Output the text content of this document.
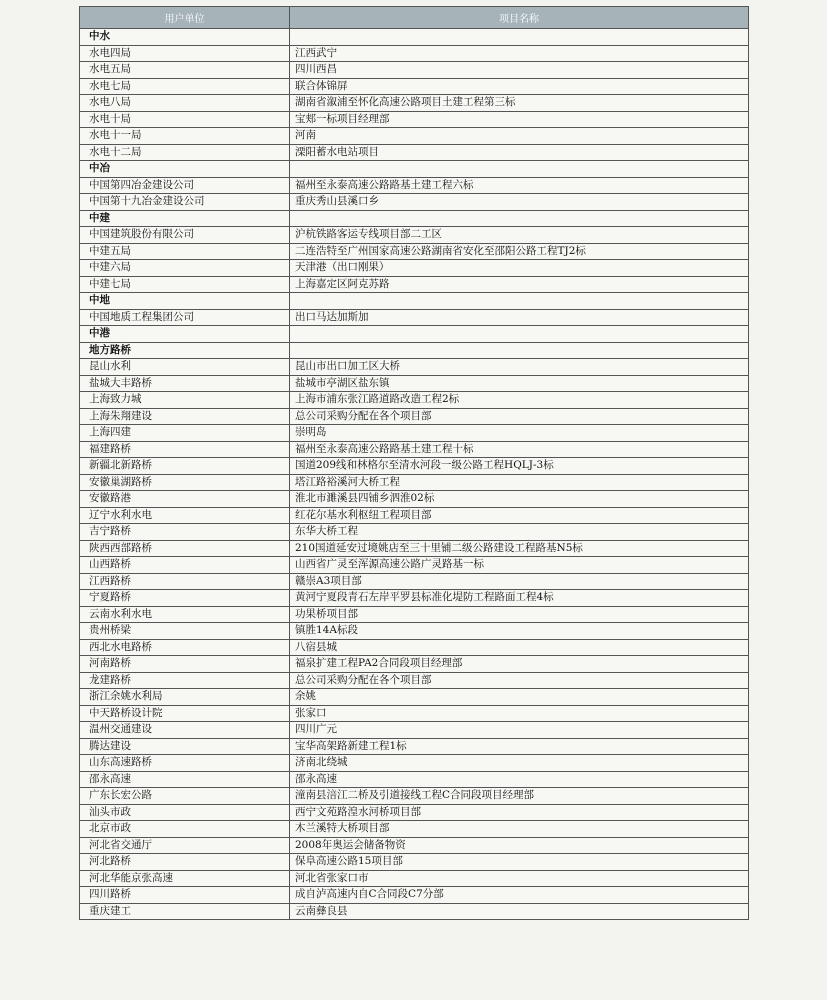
用户单位	项目名称
中水	
水电四局	江西武宁
水电五局	四川西昌
水电七局	联合体锦屏
水电八局	湖南省溆浦至怀化高速公路项目土建工程第三标
水电十局	宝郏一标项目经理部
水电十一局	河南
水电十二局	溧阳蓄水电站项目
中冶	
中国第四冶金建设公司	福州至永泰高速公路路基土建工程六标
中国第十九冶金建设公司	重庆秀山县溪口乡
中建	
中国建筑股份有限公司	沪杭铁路客运专线项目部二工区
中建五局	二连浩特至广州国家高速公路湖南省安化至邵阳公路工程TJ2标
中建六局	天津港（出口刚果）
中建七局	上海嘉定区阿克苏路
中地	
中国地质工程集团公司	出口马达加斯加
中港	
地方路桥	
昆山水利	昆山市出口加工区大桥
盐城大丰路桥	盐城市亭湖区盐东镇
上海致力城	上海市浦东张江路道路改造工程2标
上海朱翔建设	总公司采购分配在各个项目部
上海四建	崇明岛
福建路桥	福州至永泰高速公路路基土建工程十标
新疆北新路桥	国道209线和林格尔至清水河段一级公路工程HQLJ-3标
安徽巢湖路桥	塔江路裕溪河大桥工程
安徽路港	淮北市濉溪县四铺乡泗淮02标
辽宁水利水电	红花尔基水利枢纽工程项目部
吉宁路桥	东华大桥工程
陕西西部路桥	210国道延安过境姚店至三十里铺二级公路建设工程路基N5标
山西路桥	山西省广灵至浑源高速公路广灵路基一标
江西路桥	赣崇A3项目部
宁夏路桥	黄河宁夏段青石左岸平罗县标准化堤防工程路面工程4标
云南水利水电	功果桥项目部
贵州桥梁	镇胜14A标段
西北水电路桥	八宿县城
河南路桥	福泉扩建工程PA2合同段项目经理部
龙建路桥	总公司采购分配在各个项目部
浙江余姚水利局	余姚
中天路桥设计院	张家口
温州交通建设	四川广元
腾达建设	宝华高架路新建工程1标
山东高速路桥	济南北绕城
邵永高速	邵永高速
广东长宏公路	潼南县涪江二桥及引道接线工程C合同段项目经理部
汕头市政	西宁文苑路湟水河桥项目部
北京市政	木兰溪特大桥项目部
河北省交通厅	2008年奥运会储备物资
河北路桥	保阜高速公路15项目部
河北华能京张高速	河北省张家口市
四川路桥	成自泸高速内自C合同段C7分部
重庆建工	云南彝良县
